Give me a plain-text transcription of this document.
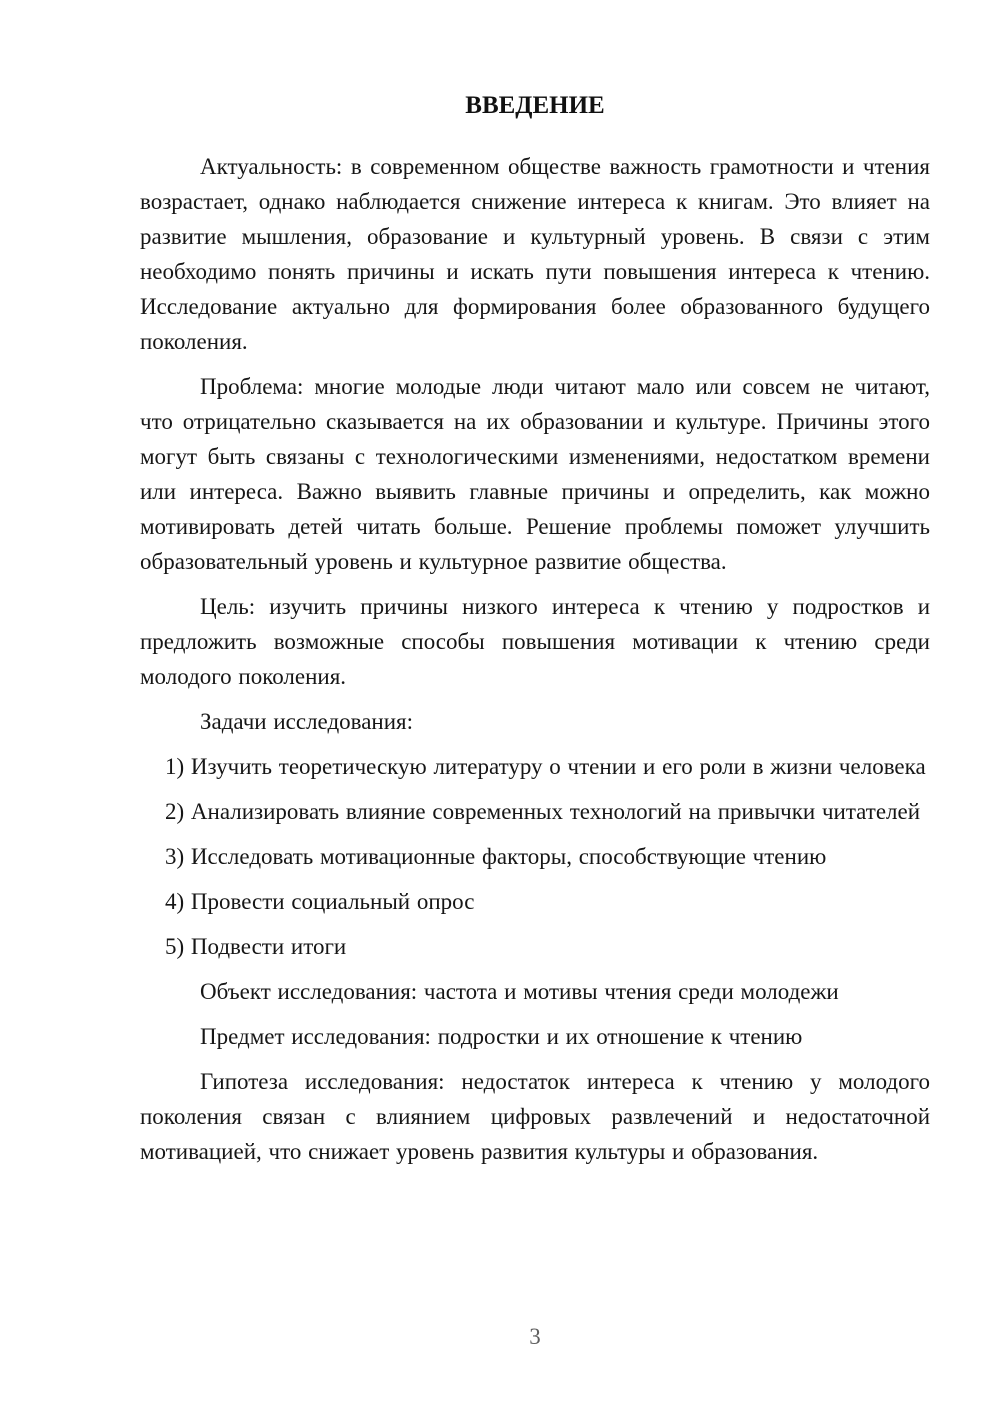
ВВЕДЕНИЕ

Актуальность: в современном обществе важность грамотности и чтения возрастает, однако наблюдается снижение интереса к книгам. Это влияет на развитие мышления, образование и культурный уровень. В связи с этим необходимо понять причины и искать пути повышения интереса к чтению. Исследование актуально для формирования более образованного будущего поколения.

Проблема: многие молодые люди читают мало или совсем не читают, что отрицательно сказывается на их образовании и культуре. Причины этого могут быть связаны с технологическими изменениями, недостатком времени или интереса. Важно выявить главные причины и определить, как можно мотивировать детей читать больше. Решение проблемы поможет улучшить образовательный уровень и культурное развитие общества.

Цель: изучить причины низкого интереса к чтению у подростков и предложить возможные способы повышения мотивации к чтению среди молодого поколения.

Задачи исследования:

1) Изучить теоретическую литературу о чтении и его роли в жизни человека

2) Анализировать влияние современных технологий на привычки читателей

3) Исследовать мотивационные факторы, способствующие чтению

4) Провести социальный опрос

5) Подвести итоги

Объект исследования: частота и мотивы чтения среди молодежи

Предмет исследования: подростки и их отношение к чтению

Гипотеза исследования: недостаток интереса к чтению у молодого поколения связан с влиянием цифровых развлечений и недостаточной мотивацией, что снижает уровень развития культуры и образования.

3
